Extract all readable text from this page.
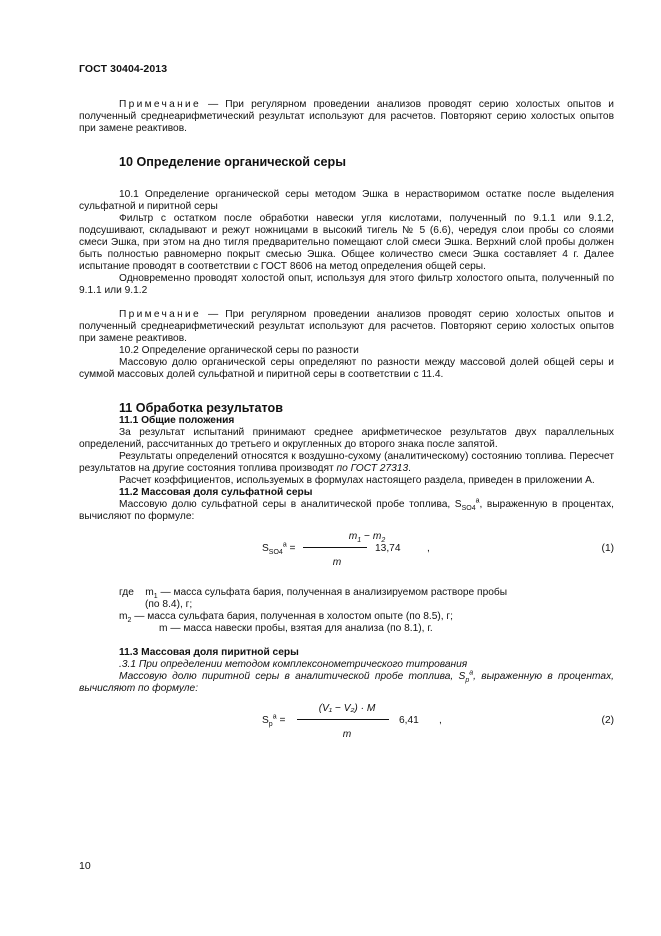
ГОСТ 30404-2013

Примечание — При регулярном проведении анализов проводят серию холостых опытов и полученный среднеарифметический результат используют для расчетов. Повторяют серию холостых опытов при замене реактивов.

10 Определение органической серы

10.1 Определение органической серы методом Эшка в нерастворимом остатке после выделения сульфатной и пиритной серы

Фильтр с остатком после обработки навески угля кислотами, полученный по 9.1.1 или 9.1.2, подсушивают, складывают и режут ножницами в высокий тигель № 5 (6.6), чередуя слои пробы со слоями смеси Эшка, при этом на дно тигля предварительно помещают слой смеси Эшка. Верхний слой пробы должен быть полностью равномерно покрыт смесью Эшка. Общее количество смеси Эшка составляет 4 г. Далее испытание проводят в соответствии с ГОСТ 8606 на метод определения общей серы.

Одновременно проводят холостой опыт, используя для этого фильтр холостого опыта, полученный по 9.1.1 или 9.1.2

Примечание — При регулярном проведении анализов проводят серию холостых опытов и полученный среднеарифметический результат используют для расчетов. Повторяют серию холостых опытов при замене реактивов.

10.2 Определение органической серы по разности

Массовую долю органической серы определяют по разности между массовой долей общей серы и суммой массовых долей сульфатной и пиритной серы в соответствии с 11.4.

11 Обработка результатов

11.1 Общие положения

За результат испытаний принимают среднее арифметическое результатов двух параллельных определений, рассчитанных до третьего и округленных до второго знака после запятой.

Результаты определений относятся к воздушно-сухому (аналитическому) состоянию топлива. Пересчет результатов на другие состояния топлива производят по ГОСТ 27313.

Расчет коэффициентов, используемых в формулах настоящего раздела, приведен в приложении А.

11.2 Массовая доля сульфатной серы

Массовую долю сульфатной серы в аналитической пробе топлива, $S_{SO4}^a$, выраженную в процентах, вычисляют по формуле:

$m_1 - m_2$
m
$S_{SO4}^a$ =	13,74	,	(1)

где $m_1$ — масса сульфата бария, полученная в анализируемом растворе пробы

(по 8.4), г;

$m_2$ — масса сульфата бария, полученная в холостом опыте (по 8.5), г;

m — масса навески пробы, взятая для анализа (по 8.1), г.

11.3 Массовая доля пиритной серы

.3.1 При определении методом комплексонометрического титрования

Массовую долю пиритной серы в аналитической пробе топлива, $S_p^a$, выраженную в процентах, вычисляют по формуле:

(V₁ − V₂) · M
m
$S_p^a$ =	6,41 ,	(2)
10
